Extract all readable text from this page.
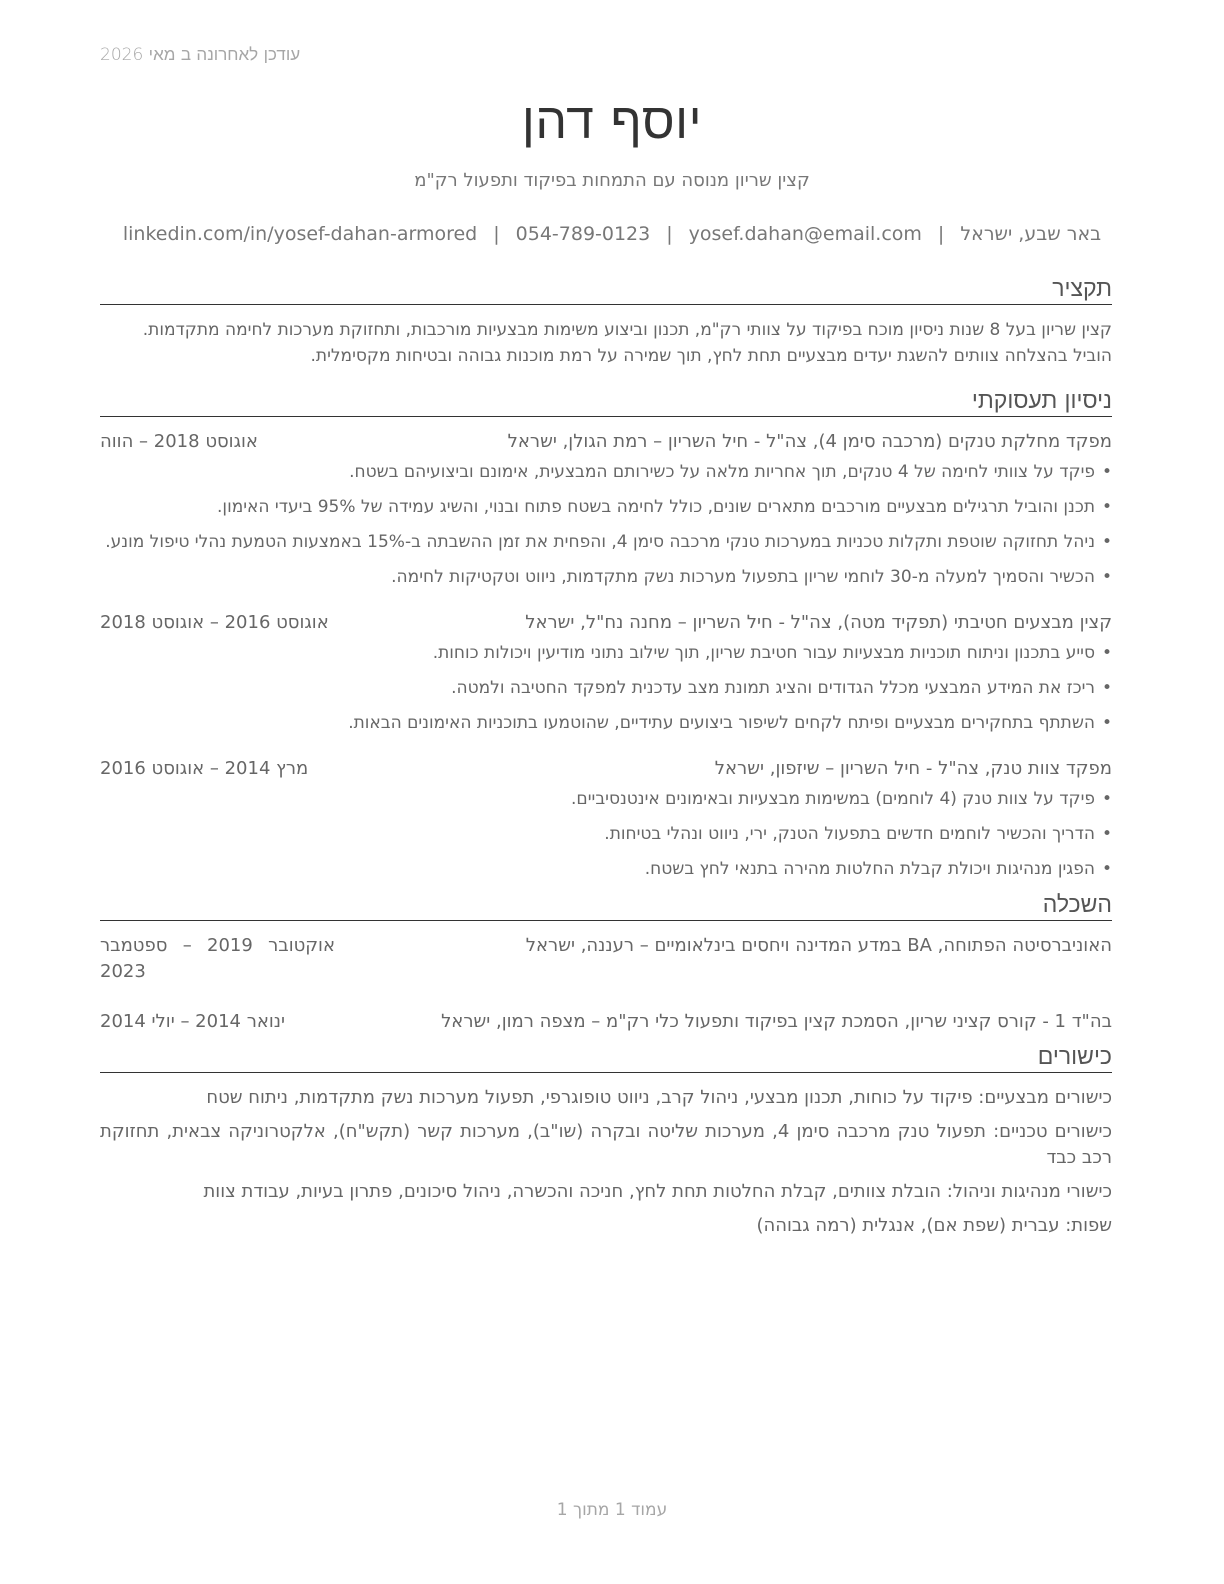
עודכן לאחרונה ב מאי 2026
יוסף דהן
קצין שריון מנוסה עם התמחות בפיקוד ותפעול רק"מ
באר שבע, ישראל|yosef.dahan@email.com|054-789-0123|linkedin.com/in/yosef-dahan-armored
תקציר
קצין שריון בעל 8 שנות ניסיון מוכח בפיקוד על צוותי רק"מ, תכנון וביצוע משימות מבצעיות מורכבות, ותחזוקת מערכות לחימה מתקדמות. הוביל בהצלחה צוותים להשגת יעדים מבצעיים תחת לחץ, תוך שמירה על רמת מוכנות גבוהה ובטיחות מקסימלית.
ניסיון תעסוקתי
מפקד מחלקת טנקים (מרכבה סימן 4), צה"ל - חיל השריון – רמת הגולן, ישראל
אוגוסט 2018 – הווה
• פיקד על צוותי לחימה של 4 טנקים, תוך אחריות מלאה על כשירותם המבצעית, אימונם וביצועיהם בשטח.
• תכנן והוביל תרגילים מבצעיים מורכבים מתארים שונים, כולל לחימה בשטח פתוח ובנוי, והשיג עמידה של 95% ביעדי האימון.
• ניהל תחזוקה שוטפת ותקלות טכניות במערכות טנקי מרכבה סימן 4, והפחית את זמן ההשבתה ב-15% באמצעות הטמעת נהלי טיפול מונע.
• הכשיר והסמיך למעלה מ-30 לוחמי שריון בתפעול מערכות נשק מתקדמות, ניווט וטקטיקות לחימה.
קצין מבצעים חטיבתי (תפקיד מטה), צה"ל - חיל השריון – מחנה נח"ל, ישראל
אוגוסט 2016 – אוגוסט 2018
• סייע בתכנון וניתוח תוכניות מבצעיות עבור חטיבת שריון, תוך שילוב נתוני מודיעין ויכולות כוחות.
• ריכז את המידע המבצעי מכלל הגדודים והציג תמונת מצב עדכנית למפקד החטיבה ולמטה.
• השתתף בתחקירים מבצעיים ופיתח לקחים לשיפור ביצועים עתידיים, שהוטמעו בתוכניות האימונים הבאות.
מפקד צוות טנק, צה"ל - חיל השריון – שיזפון, ישראל
מרץ 2014 – אוגוסט 2016
• פיקד על צוות טנק (4 לוחמים) במשימות מבצעיות ובאימונים אינטנסיביים.
• הדריך והכשיר לוחמים חדשים בתפעול הטנק, ירי, ניווט ונהלי בטיחות.
• הפגין מנהיגות ויכולת קבלת החלטות מהירה בתנאי לחץ בשטח.
השכלה
האוניברסיטה הפתוחה, BA במדע המדינה ויחסים בינלאומיים – רעננה, ישראל
אוקטובר 2019 – ספטמבר 2023
בה"ד 1 - קורס קציני שריון, הסמכת קצין בפיקוד ותפעול כלי רק"מ – מצפה רמון, ישראל
ינואר 2014 – יולי 2014
כישורים
כישורים מבצעיים: פיקוד על כוחות, תכנון מבצעי, ניהול קרב, ניווט טופוגרפי, תפעול מערכות נשק מתקדמות, ניתוח שטח
כישורים טכניים: תפעול טנק מרכבה סימן 4, מערכות שליטה ובקרה (שו"ב), מערכות קשר (תקש"ח), אלקטרוניקה צבאית, תחזוקת רכב כבד
כישורי מנהיגות וניהול: הובלת צוותים, קבלת החלטות תחת לחץ, חניכה והכשרה, ניהול סיכונים, פתרון בעיות, עבודת צוות
שפות: עברית (שפת אם), אנגלית (רמה גבוהה)
עמוד 1 מתוך 1
